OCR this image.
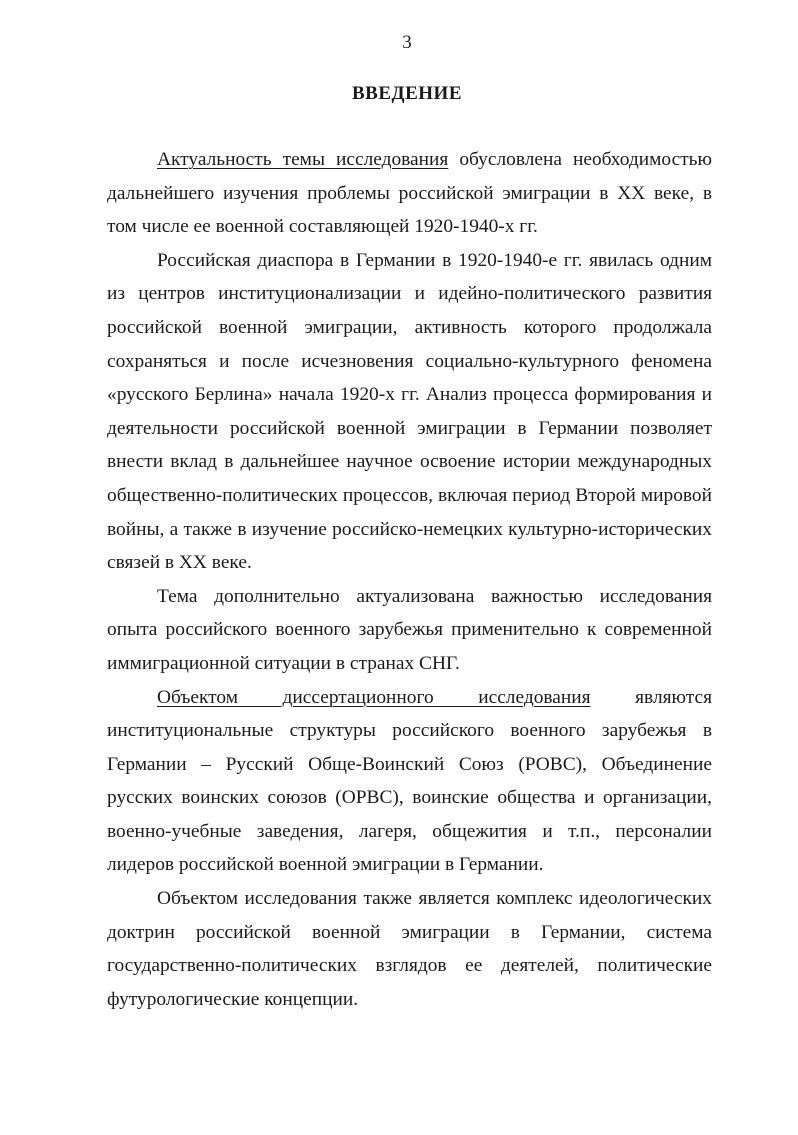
3
ВВЕДЕНИЕ

Актуальность темы исследования обусловлена необходимостью дальнейшего изучения проблемы российской эмиграции в XX веке, в том числе ее военной составляющей 1920-1940-х гг.

Российская диаспора в Германии в 1920-1940-е гг. явилась одним из центров институционализации и идейно-политического развития российской военной эмиграции, активность которого продолжала сохраняться и после исчезновения социально-культурного феномена «русского Берлина» начала 1920-х гг. Анализ процесса формирования и деятельности российской военной эмиграции в Германии позволяет внести вклад в дальнейшее научное освоение истории международных общественно-политических процессов, включая период Второй мировой войны, а также в изучение российско-немецких культурно-исторических связей в XX веке.

Тема дополнительно актуализована важностью исследования опыта российского военного зарубежья применительно к современной иммиграционной ситуации в странах СНГ.

Объектом диссертационного исследования являются институциональные структуры российского военного зарубежья в Германии – Русский Обще-Воинский Союз (РОВС), Объединение русских воинских союзов (ОРВС), воинские общества и организации, военно-учебные заведения, лагеря, общежития и т.п., персоналии лидеров российской военной эмиграции в Германии.

Объектом исследования также является комплекс идеологических доктрин российской военной эмиграции в Германии, система государственно-политических взглядов ее деятелей, политические футурологические концепции.
